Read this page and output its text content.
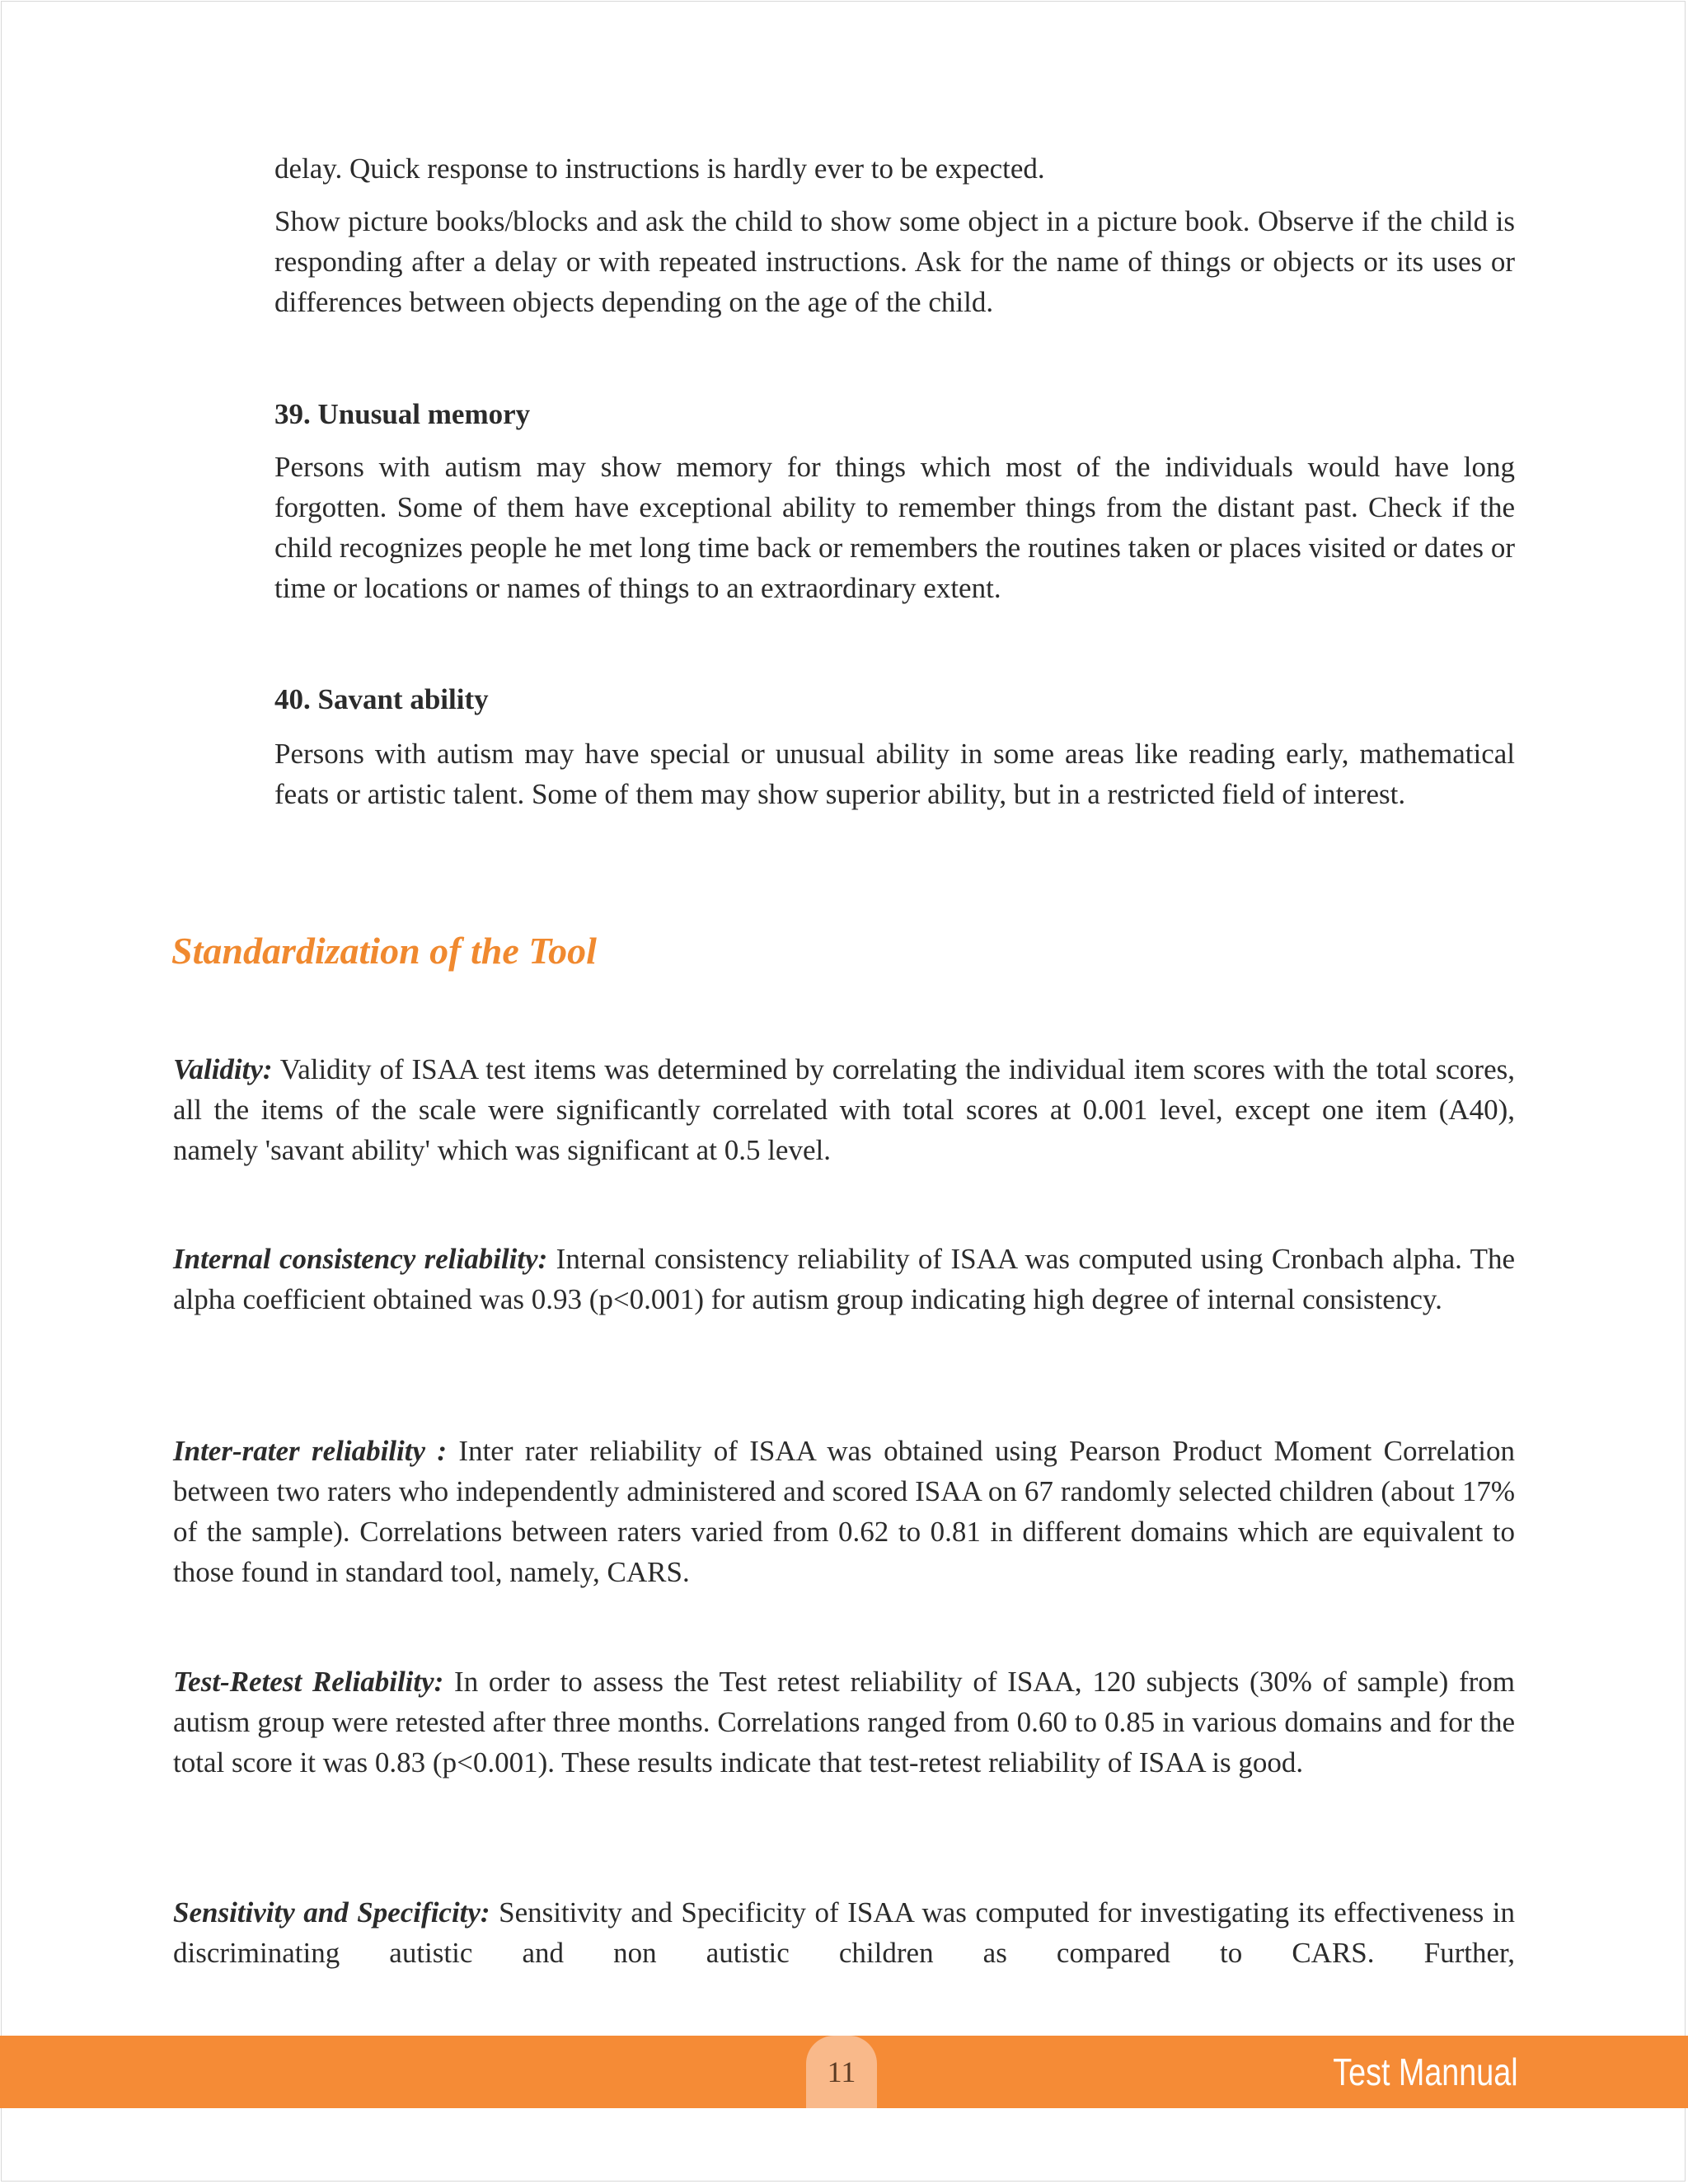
delay. Quick response to instructions is hardly ever to be expected.

Show picture books/blocks and ask the child to show some object in a picture book. Observe if the child is responding after a delay or with repeated instructions. Ask for the name of things or objects or its uses or differences between objects depending on the age of the child.

39. Unusual memory

Persons with autism may show memory for things which most of the individuals would have long forgotten. Some of them have exceptional ability to remember things from the distant past. Check if the child recognizes people he met long time back or remembers the routines taken or places visited or dates or time or locations or names of things to an extraordinary extent.

40. Savant ability

Persons with autism may have special or unusual ability in some areas like reading early, mathematical feats or artistic talent. Some of them may show superior ability, but in a restricted field of interest.

Standardization of the Tool

Validity: Validity of ISAA test items was determined by correlating the individual item scores with the total scores, all the items of the scale were significantly correlated with total scores at 0.001 level, except one item (A40), namely 'savant ability' which was significant at 0.5 level.

Internal consistency reliability: Internal consistency reliability of ISAA was computed using Cronbach alpha. The alpha coefficient obtained was 0.93 (p<0.001) for autism group indicating high degree of internal consistency.

Inter-rater reliability : Inter rater reliability of ISAA was obtained using Pearson Product Moment Correlation between two raters who independently administered and scored ISAA on 67 randomly selected children (about 17% of the sample). Correlations between raters varied from 0.62 to 0.81 in different domains which are equivalent to those found in standard tool, namely, CARS.

Test-Retest Reliability: In order to assess the Test retest reliability of ISAA, 120 subjects (30% of sample) from autism group were retested after three months. Correlations ranged from 0.60 to 0.85 in various domains and for the total score it was 0.83 (p<0.001). These results indicate that test-retest reliability of ISAA is good.

Sensitivity and Specificity: Sensitivity and Specificity of ISAA was computed for investigating its effectiveness in discriminating autistic and non autistic children as compared to CARS. Further,

11	Test Mannual
